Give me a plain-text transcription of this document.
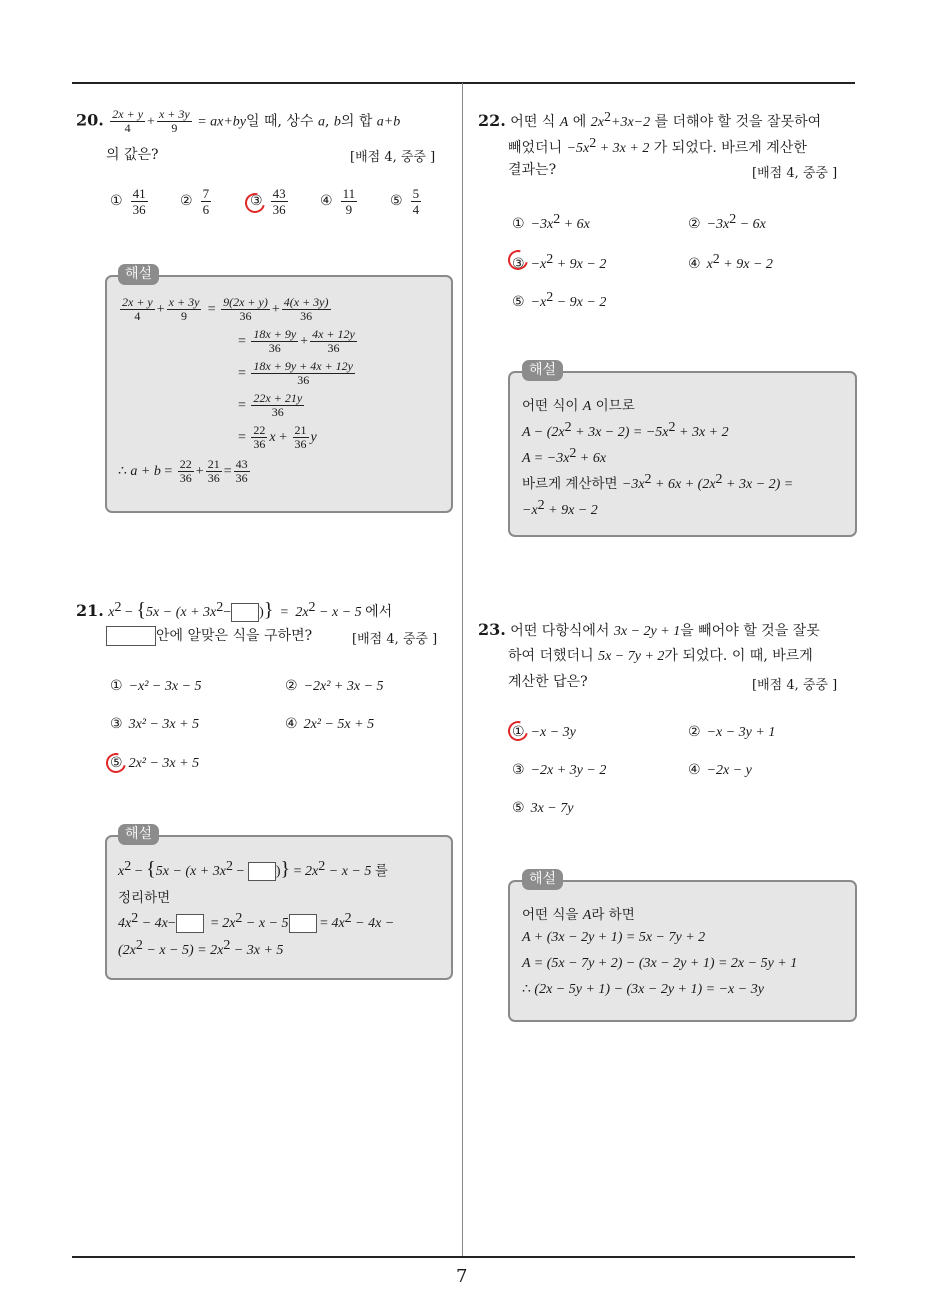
7
20. $\frac{2x + y}{4} + \frac{x + 3y}{9} = ax+by$일 때, 상수 a, b의 합 a+b
의 값은?	[배점 4, 중중 ]
① $\frac{41}{36}$ ② $\frac{7}{6}$	③ $\frac{43}{36}$ ④ $\frac{11}{9}$ ⑤ $\frac{5}{4}$
해설
$\frac{2x + y}{4} + \frac{x + 3y}{9} = \frac{9(2x + y)}{36} + \frac{4(x + 3y)}{36}$
= $\frac{18x + 9y}{36} + \frac{4x + 12y}{36}$
= $\frac{18x + 9y + 4x + 12y}{36}$
= $\frac{22x + 21y}{36}$
= $\frac{22}{36}$ $x + \frac{21}{36}$ y
∴ $a + b = \frac{22}{36} + \frac{21}{36} = \frac{43}{36}$
21. $x^2 - \{5x - (x + 3x^2-$ )}  =  $2x^2 - x - 5$ 에서
안에 알맞은 식을 구하면?	[배점 4, 중중 ]
① −x² − 3x − 5	② −2x² + 3x − 5
③ 3x² − 3x + 5	④ 2x² − 5x + 5
⑤ 2x² − 3x + 5
해설
$x^2 - \{5x - (x + 3x^2$ − )} = $2x^2 - x - 5$ 를
정리하면
$4x^2 - 4x- = 2x^2 - x - 5 = 4x^2 - 4x$ −
$(2x^2 - x - 5) = 2x^2 - 3x + 5$
22. 어떤 식 A 에 $2x^2+3x-2$ 를 더해야 할 것을 잘못하여
빼었더니 $-5x^2 + 3x + 2$ 가 되었다. 바르게 계산한
결과는?	[배점 4, 중중 ]
① $-3x^2 + 6x$	② $-3x^2 - 6x$
③ $-x^2 + 9x - 2$	④ $x^2 + 9x - 2$
⑤ $-x^2 - 9x - 2$
해설
어떤 식이 A 이므로
$A - (2x^2 + 3x - 2) = -5x^2 + 3x + 2$
$A = -3x^2 + 6x$
바르게 계산하면 $-3x^2 + 6x + (2x^2 + 3x - 2)$ =
$-x^2 + 9x - 2$
23. 어떤 다항식에서 3x − 2y + 1을 빼어야 할 것을 잘못
하여 더했더니 5x − 7y + 2가 되었다. 이 때, 바르게
계산한 답은?	[배점 4, 중중 ]
① −x − 3y	② −x − 3y + 1
③ −2x + 3y − 2	④ −2x − y
⑤ 3x − 7y
해설
어떤 식을 A라 하면
A + (3x − 2y + 1) = 5x − 7y + 2
A = (5x − 7y + 2) − (3x − 2y + 1) = 2x − 5y + 1
∴ (2x − 5y + 1) − (3x − 2y + 1) = −x − 3y
